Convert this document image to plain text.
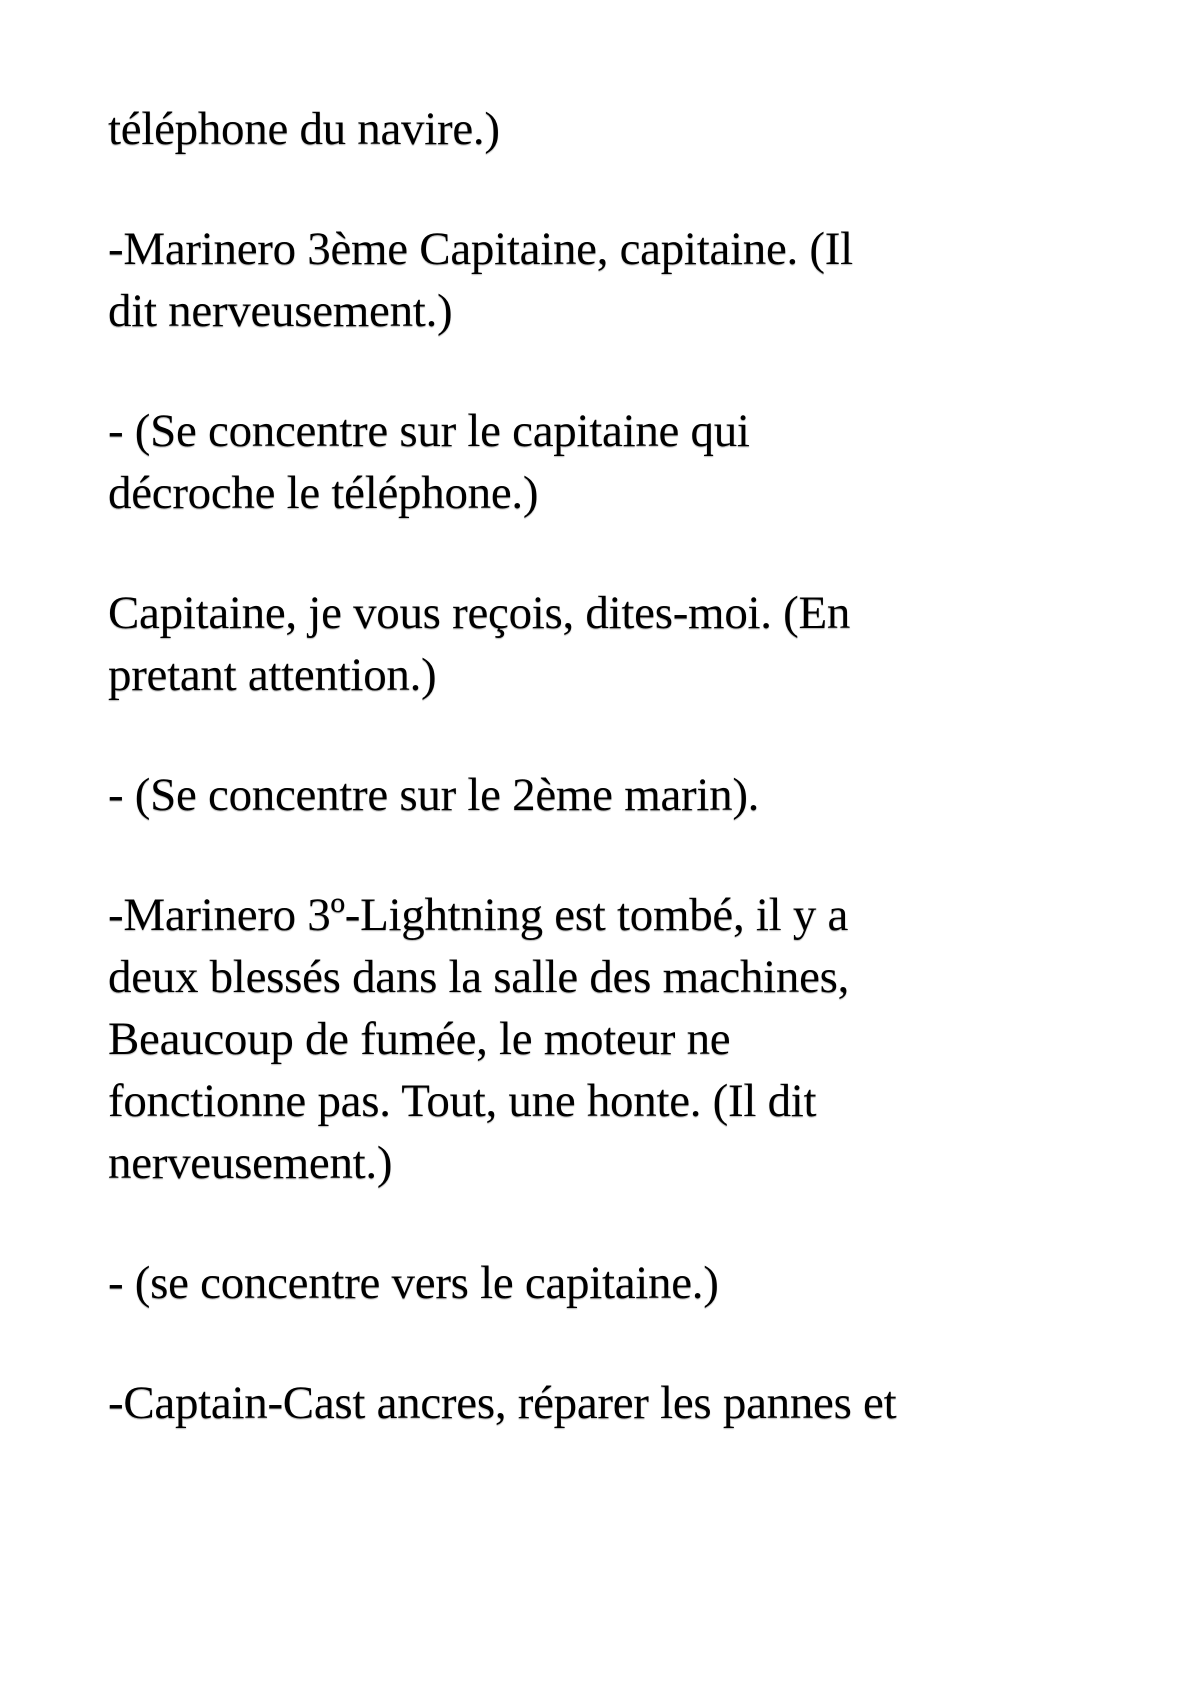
téléphone du navire.)

-Marinero 3ème Capitaine, capitaine. (Il
dit nerveusement.)

- (Se concentre sur le capitaine qui
décroche le téléphone.)

Capitaine, je vous reçois, dites-moi. (En
pretant attention.)

- (Se concentre sur le 2ème marin).

-Marinero 3º-Lightning est tombé, il y a
deux blessés dans la salle des machines,
Beaucoup de fumée, le moteur ne
fonctionne pas. Tout, une honte. (Il dit
nerveusement.)

- (se concentre vers le capitaine.)

-Captain-Cast ancres, réparer les pannes et
